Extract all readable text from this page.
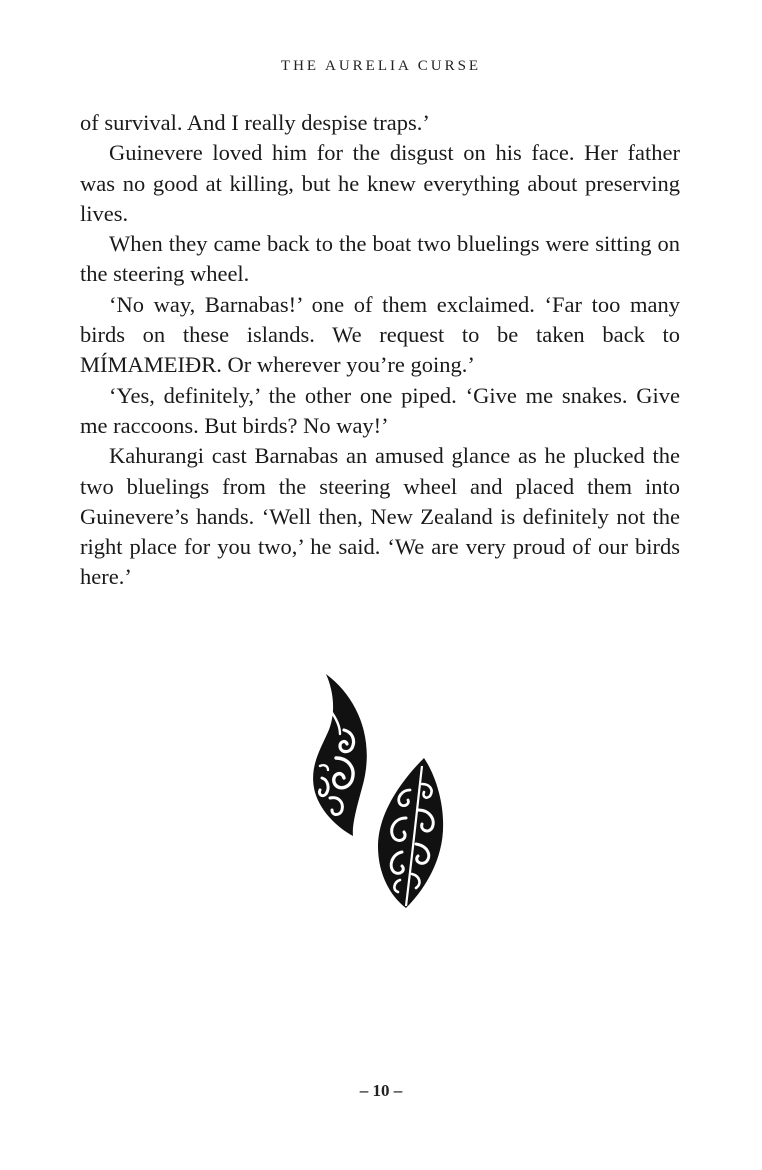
THE AURELIA CURSE

of survival. And I really despise traps.’

Guinevere loved him for the disgust on his face. Her father was no good at killing, but he knew everything about preserving lives.

When they came back to the boat two bluelings were sitting on the steering wheel.

‘No way, Barnabas!’ one of them exclaimed. ‘Far too many birds on these islands. We request to be taken back to MÍMAMEIÐR. Or wherever you’re going.’

‘Yes, definitely,’ the other one piped. ‘Give me snakes. Give me raccoons. But birds? No way!’

Kahurangi cast Barnabas an amused glance as he plucked the two bluelings from the steering wheel and placed them into Guinevere’s hands. ‘Well then, New Zealand is definitely not the right place for you two,’ he said. ‘We are very proud of our birds here.’

– 10 –
